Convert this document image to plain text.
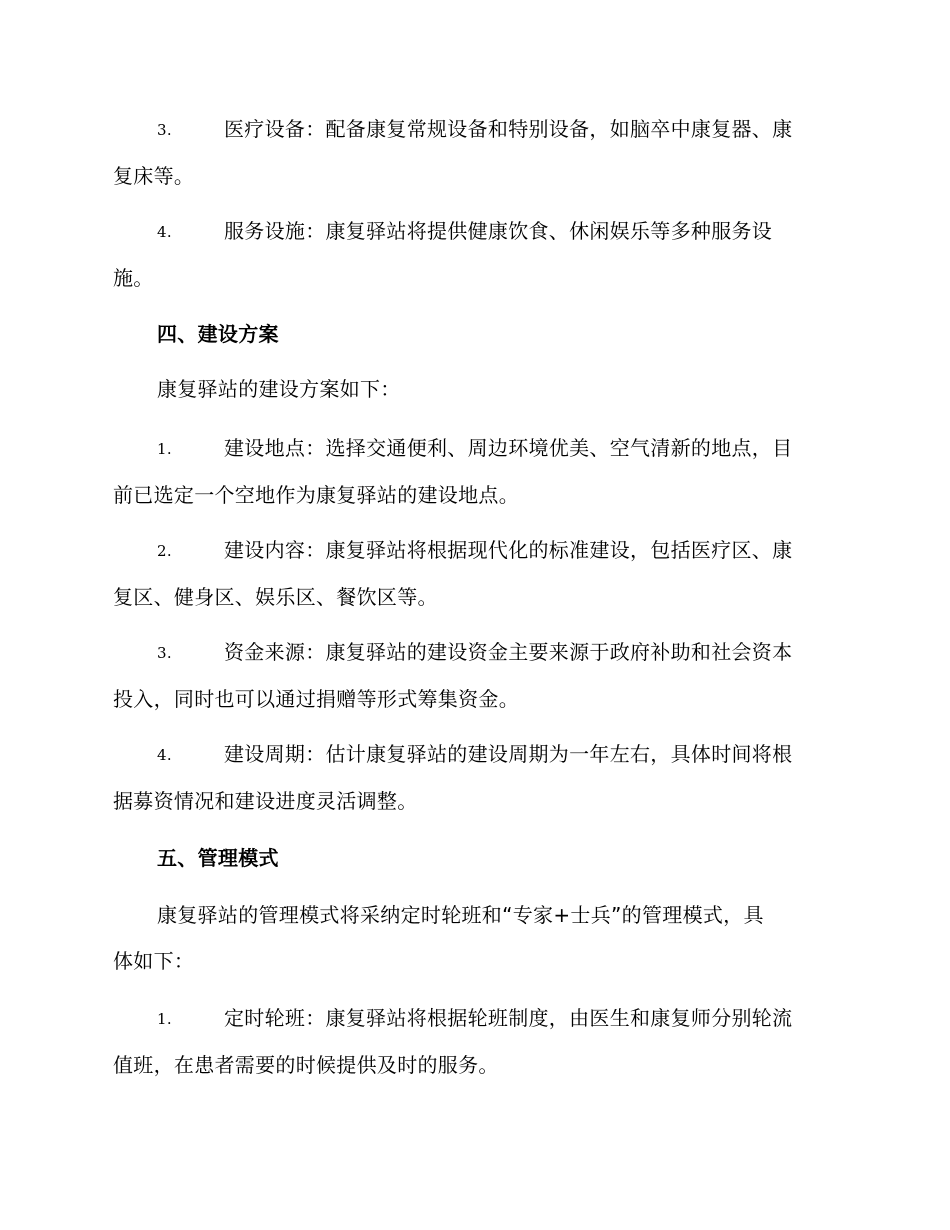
3.	医疗设备：配备康复常规设备和特别设备，如脑卒中康复器、康
复床等。
4.	服务设施：康复驿站将提供健康饮食、休闲娱乐等多种服务设
施。
四、建设方案
康复驿站的建设方案如下：
1.	建设地点：选择交通便利、周边环境优美、空气清新的地点，目
前已选定一个空地作为康复驿站的建设地点。
2.	建设内容：康复驿站将根据现代化的标准建设，包括医疗区、康
复区、健身区、娱乐区、餐饮区等。
3.	资金来源：康复驿站的建设资金主要来源于政府补助和社会资本
投入，同时也可以通过捐赠等形式筹集资金。
4.	建设周期：估计康复驿站的建设周期为一年左右，具体时间将根
据募资情况和建设进度灵活调整。
五、管理模式
康复驿站的管理模式将采纳定时轮班和“专家+士兵”的管理模式，具
体如下：
1.	定时轮班：康复驿站将根据轮班制度，由医生和康复师分别轮流
值班，在患者需要的时候提供及时的服务。
